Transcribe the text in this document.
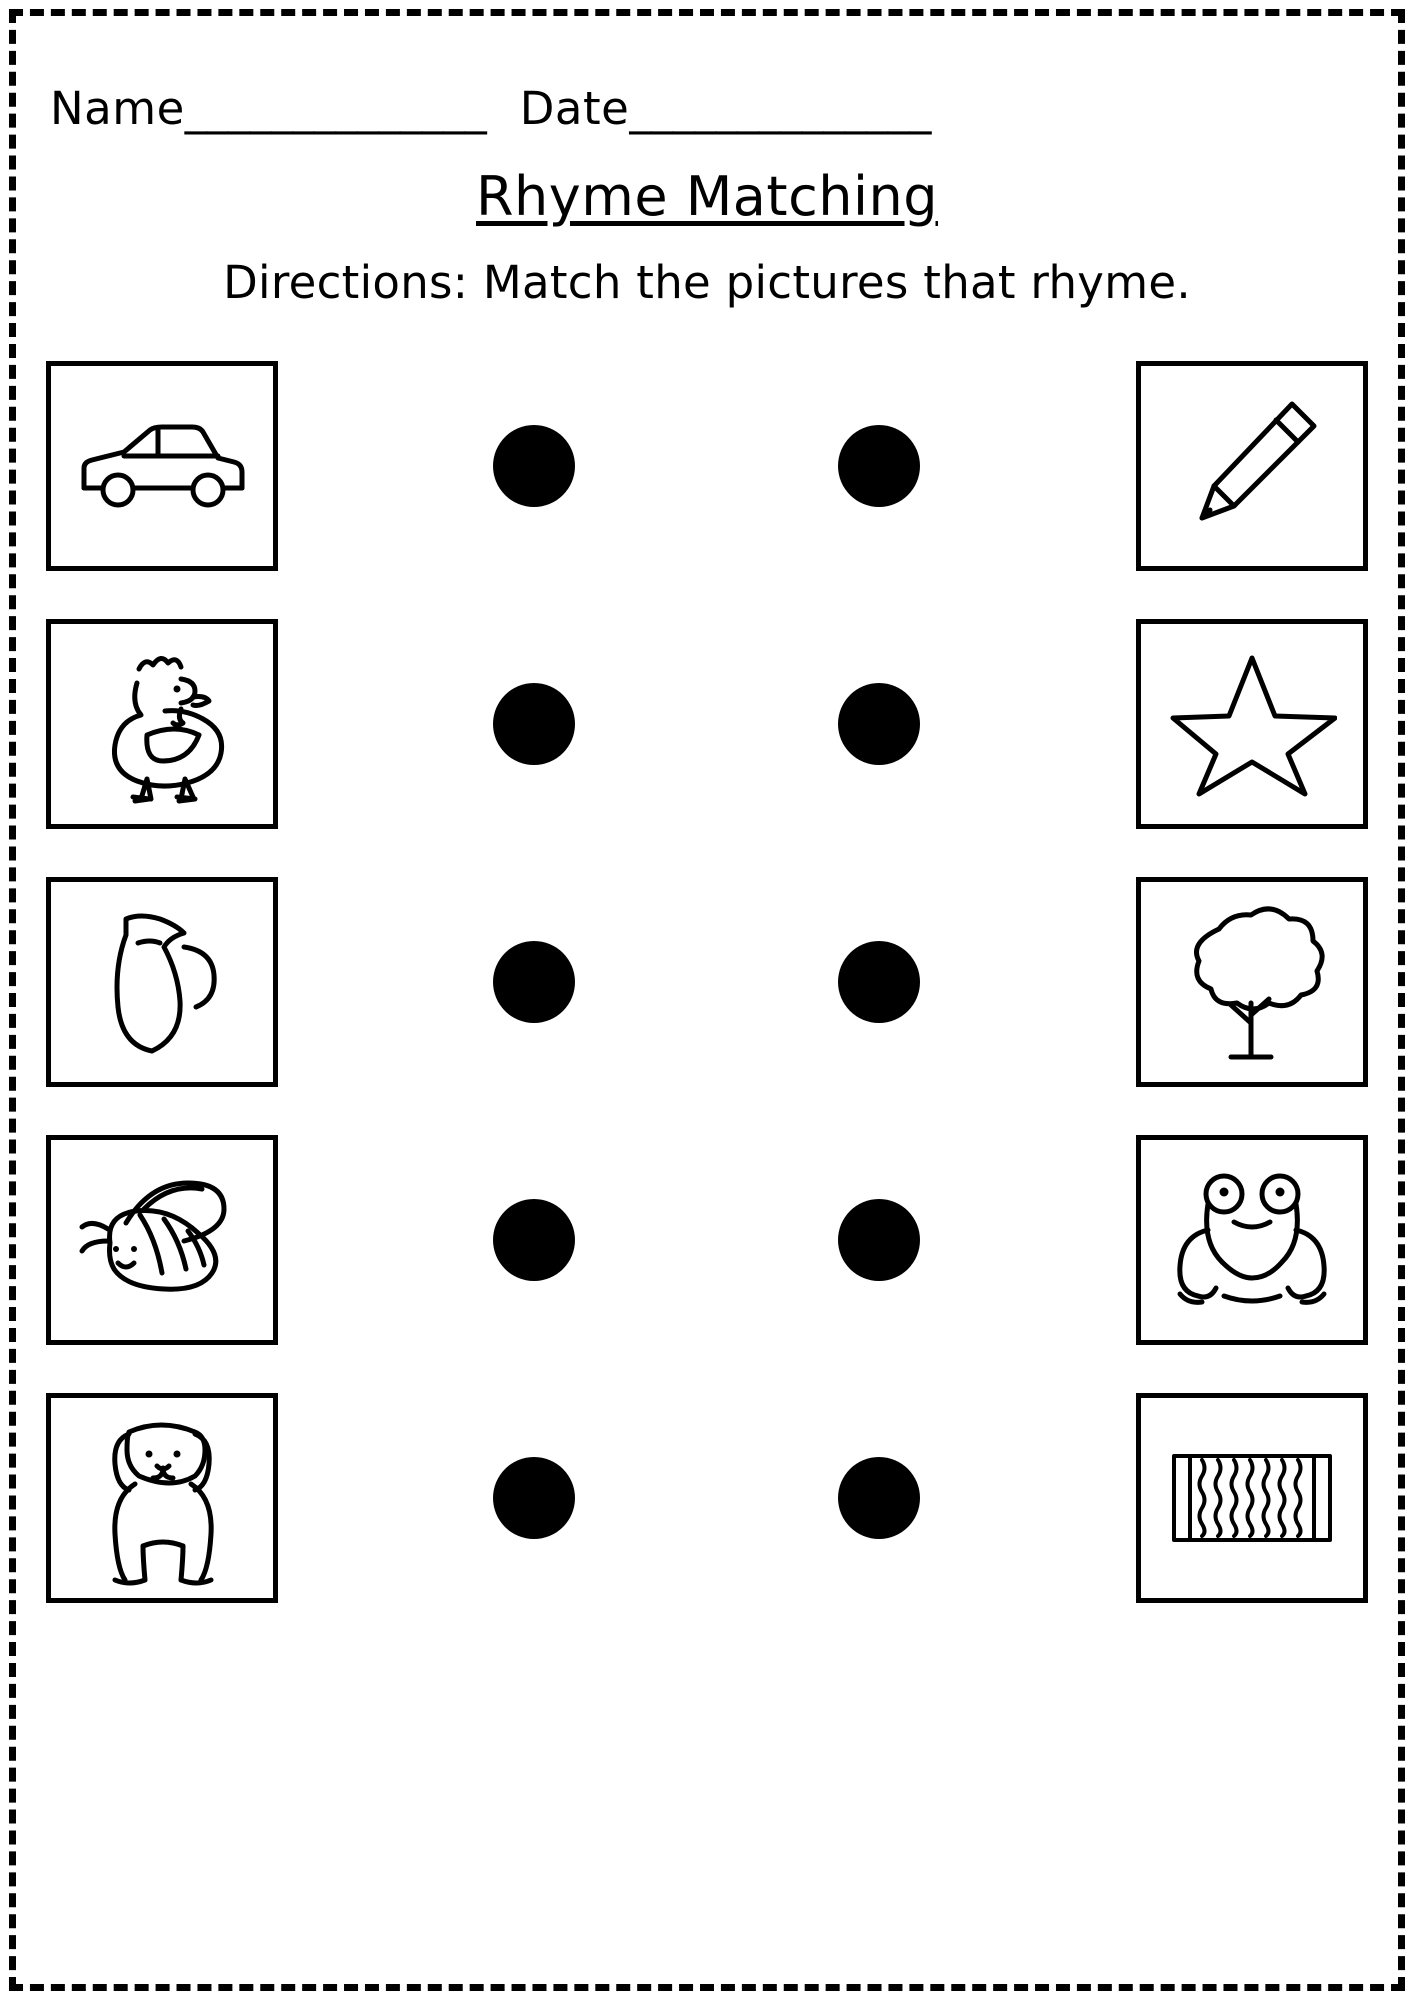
Name ______________ Date ______________
Rhyme Matching
Directions: Match the pictures that rhyme.
